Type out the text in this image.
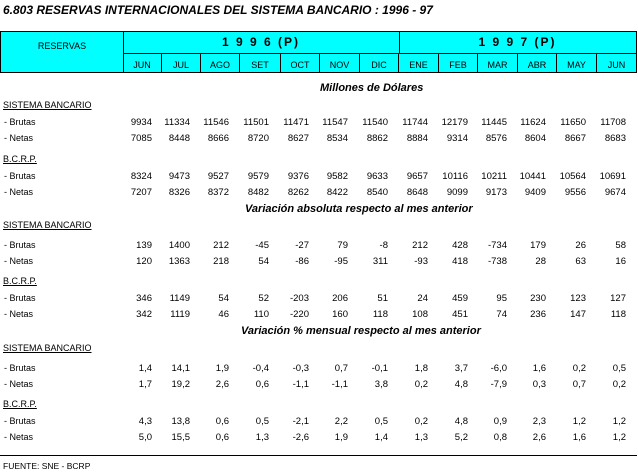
6.803 RESERVAS INTERNACIONALES DEL SISTEMA BANCARIO : 1996 - 97
RESERVAS	1 9 9 6 (P)	1 9 9 7 (P)
JUN	JUL	AGO	SET	OCT	NOV	DIC	ENE	FEB	MAR	ABR	MAY	JUN
Millones de Dólares
SISTEMA BANCARIO
- Brutas	9934	11334	11546	11501	11471	11547	11540	11744	12179	11445	11624	11650	11708
- Netas	7085	8448	8666	8720	8627	8534	8862	8884	9314	8576	8604	8667	8683
B.C.R.P.
- Brutas	8324	9473	9527	9579	9376	9582	9633	9657	10116	10211	10441	10564	10691
- Netas	7207	8326	8372	8482	8262	8422	8540	8648	9099	9173	9409	9556	9674
Variación absoluta respecto al mes anterior
SISTEMA BANCARIO
- Brutas	139	1400	212	-45	-27	79	-8	212	428	-734	179	26	58
- Netas	120	1363	218	54	-86	-95	311	-93	418	-738	28	63	16
B.C.R.P.
- Brutas	346	1149	54	52	-203	206	51	24	459	95	230	123	127
- Netas	342	1119	46	110	-220	160	118	108	451	74	236	147	118
Variación % mensual respecto al mes anterior
SISTEMA BANCARIO
- Brutas	1,4	14,1	1,9	-0,4	-0,3	0,7	-0,1	1,8	3,7	-6,0	1,6	0,2	0,5
- Netas	1,7	19,2	2,6	0,6	-1,1	-1,1	3,8	0,2	4,8	-7,9	0,3	0,7	0,2
B.C.R.P.
- Brutas	4,3	13,8	0,6	0,5	-2,1	2,2	0,5	0,2	4,8	0,9	2,3	1,2	1,2
- Netas	5,0	15,5	0,6	1,3	-2,6	1,9	1,4	1,3	5,2	0,8	2,6	1,6	1,2
FUENTE: SNE - BCRP
